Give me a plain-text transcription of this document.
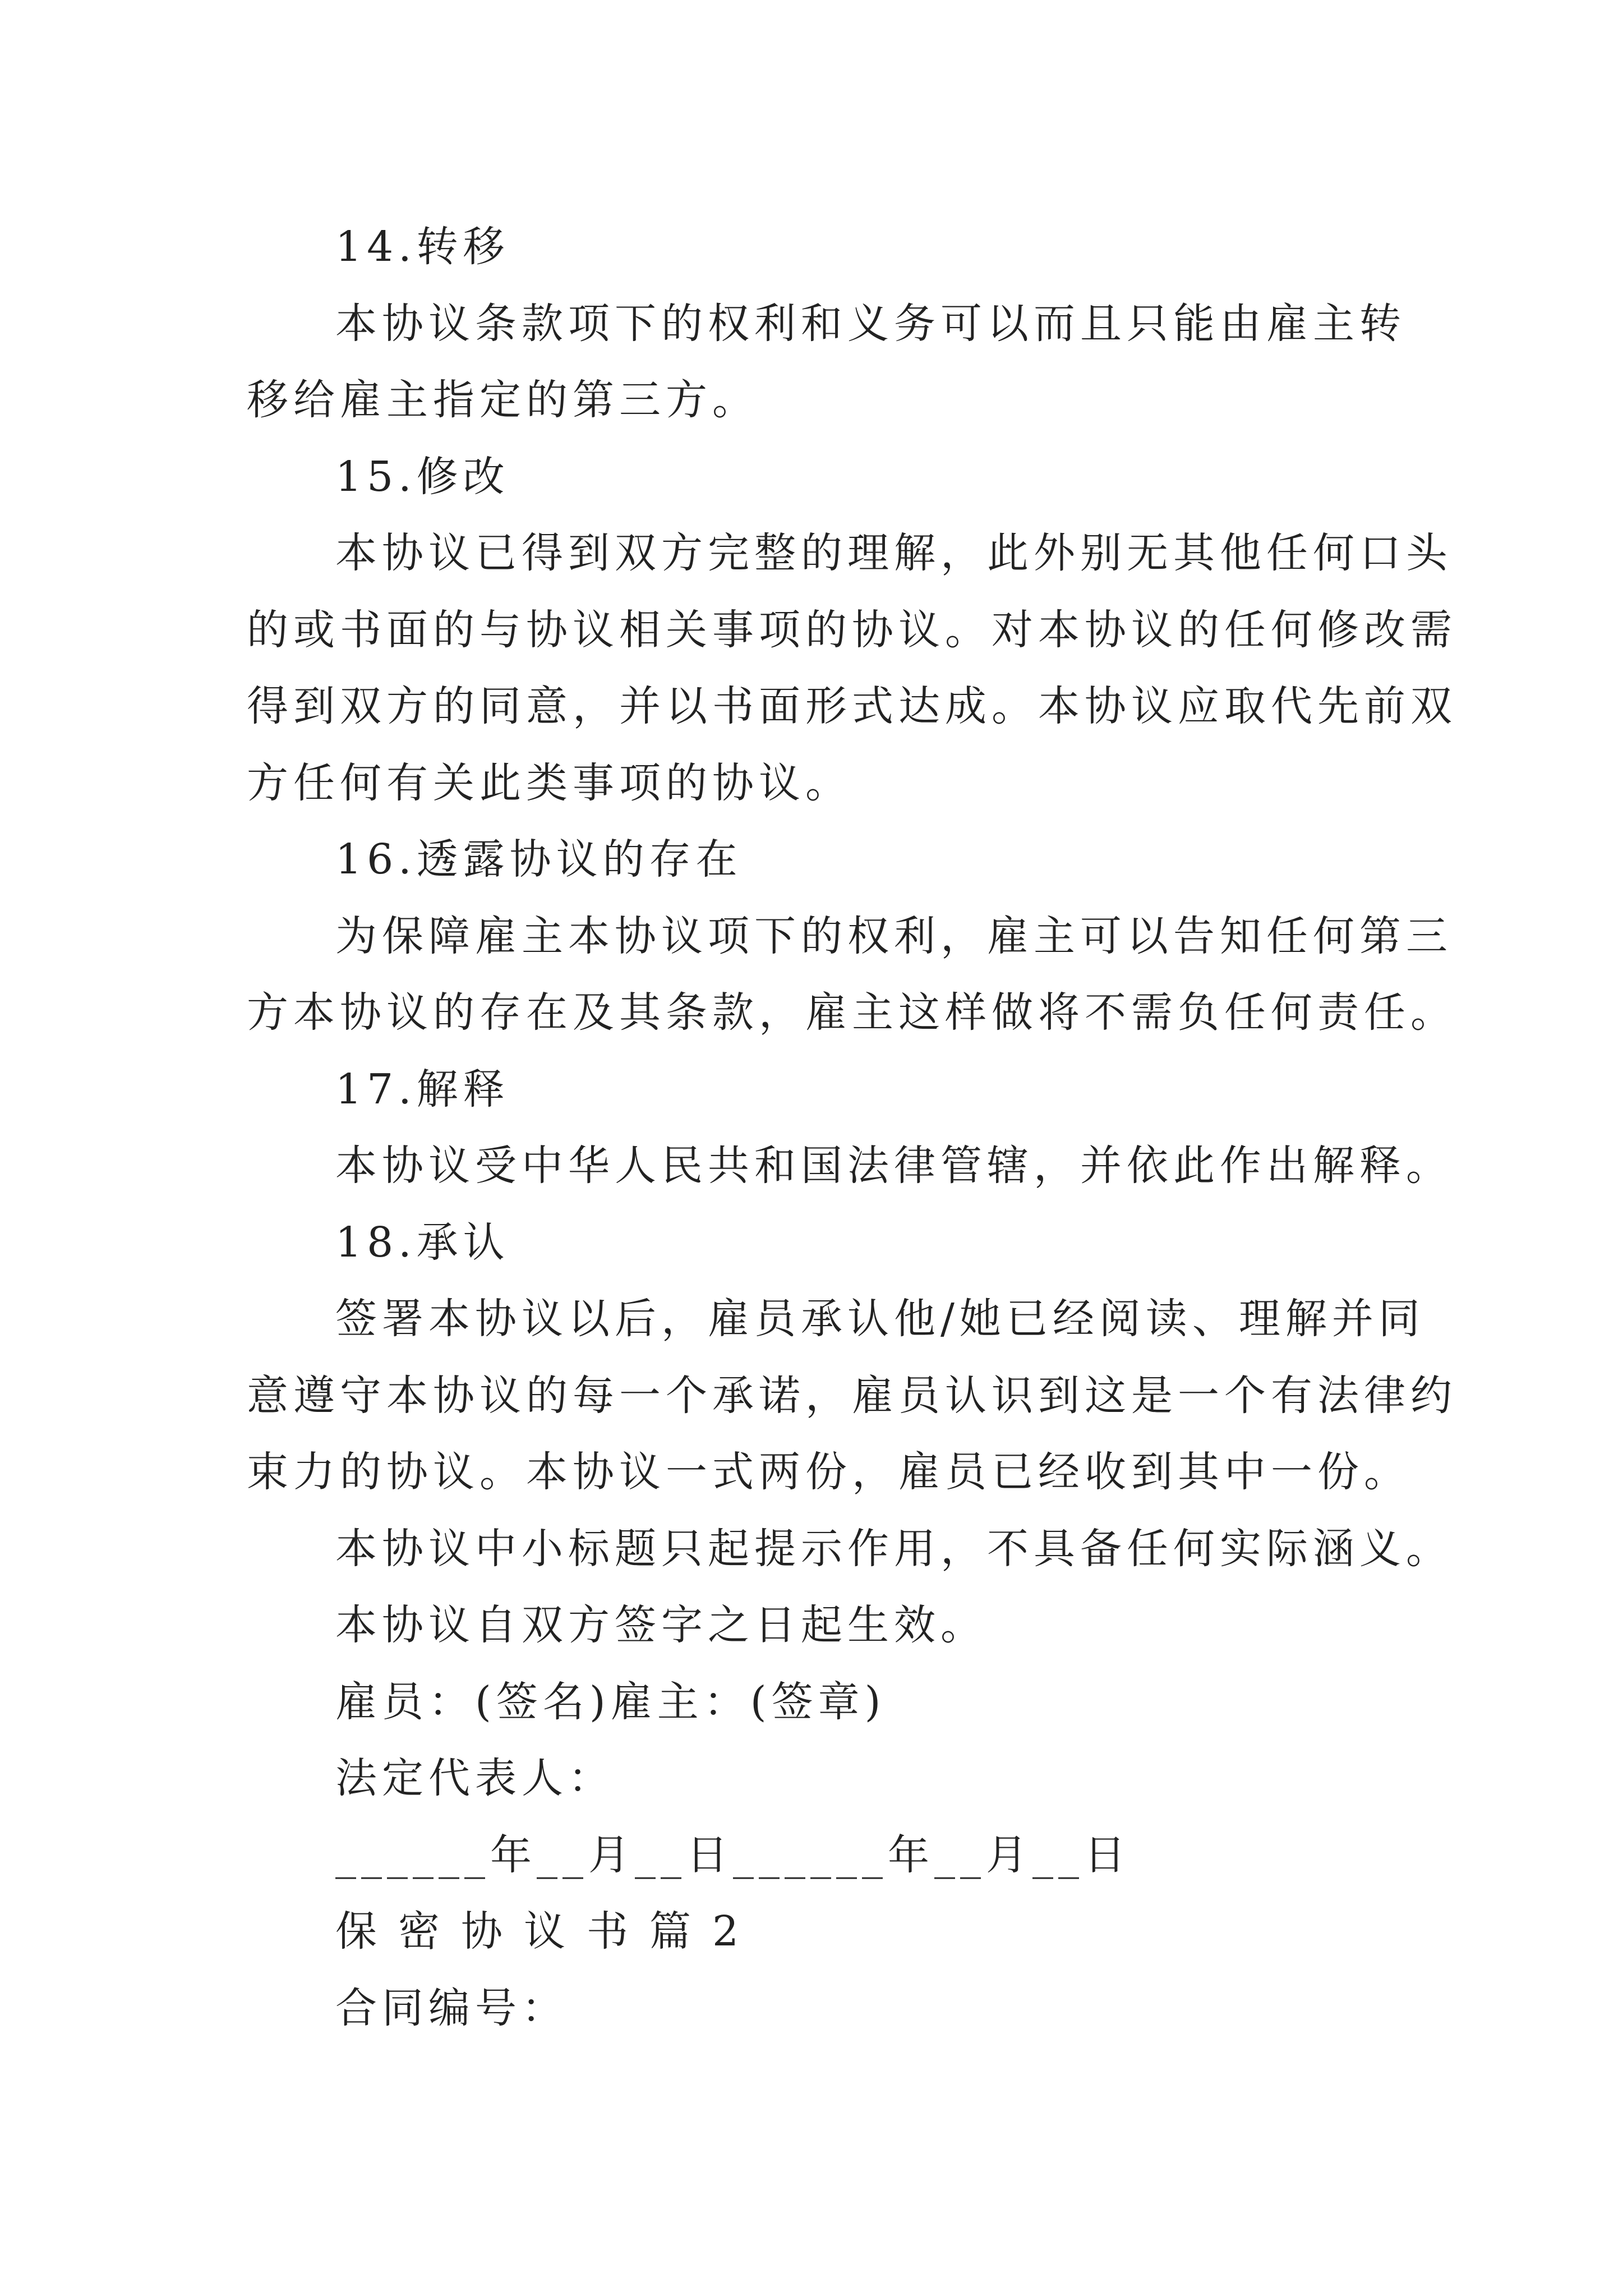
14.转移
本协议条款项下的权利和义务可以而且只能由雇主转
移给雇主指定的第三方。
15.修改
本协议已得到双方完整的理解，此外别无其他任何口头
的或书面的与协议相关事项的协议。对本协议的任何修改需
得到双方的同意，并以书面形式达成。本协议应取代先前双
方任何有关此类事项的协议。
16.透露协议的存在
为保障雇主本协议项下的权利，雇主可以告知任何第三
方本协议的存在及其条款，雇主这样做将不需负任何责任。
17.解释
本协议受中华人民共和国法律管辖，并依此作出解释。
18.承认
签署本协议以后，雇员承认他/她已经阅读、理解并同
意遵守本协议的每一个承诺，雇员认识到这是一个有法律约
束力的协议。本协议一式两份，雇员已经收到其中一份。
本协议中小标题只起提示作用，不具备任何实际涵义。
本协议自双方签字之日起生效。
雇员：(签名)雇主：(签章)
法定代表人：
______年__月__日______年__月__日
保密协议书篇2
合同编号：
